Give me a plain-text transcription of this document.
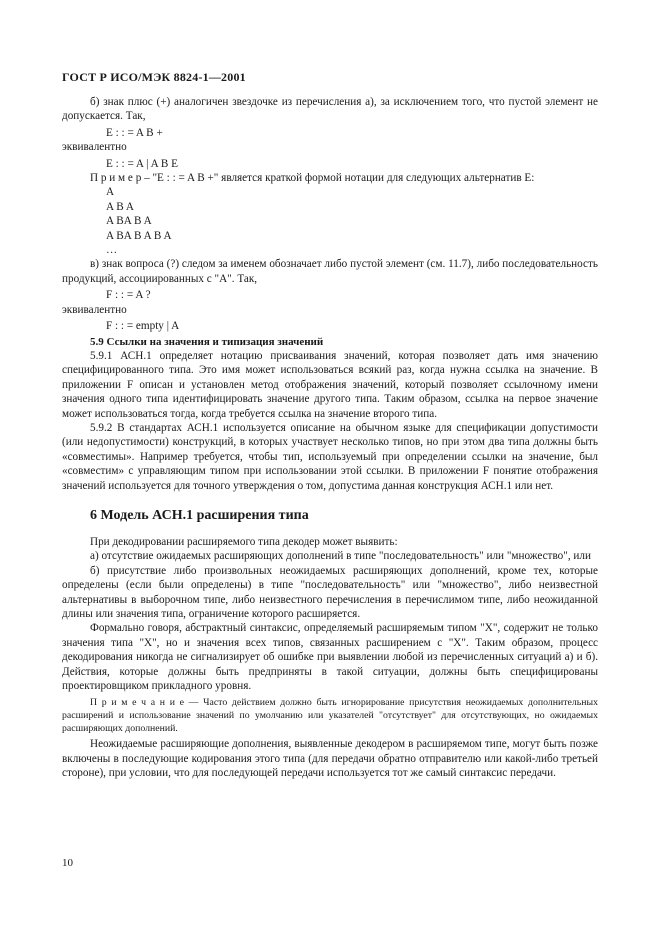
ГОСТ Р ИСО/МЭК 8824-1—2001

б) знак плюс (+) аналогичен звездочке из перечисления а), за исключением того, что пустой элемент не допускается. Так,

E : : = A B +

эквивалентно

E : : = A | A B E

П р и м е р – "E : : = A B +" является краткой формой нотации для следующих альтернатив E:

A

A B A

A BA B A

A BA B A B A

…

в) знак вопроса (?) следом за именем обозначает либо пустой элемент (см. 11.7), либо последовательность продукций, ассоциированных с "A". Так,

F : : = A ?

эквивалентно

F : : = empty | A

5.9 Ссылки на значения и типизация значений

5.9.1 АСН.1 определяет нотацию присваивания значений, которая позволяет дать имя значению специфицированного типа. Это имя может использоваться всякий раз, когда нужна ссылка на значение. В приложении F описан и установлен метод отображения значений, который позволяет ссылочному имени значения одного типа идентифицировать значение другого типа. Таким образом, ссылка на первое значение может использоваться тогда, когда требуется ссылка на значение второго типа.

5.9.2 В стандартах АСН.1 используется описание на обычном языке для спецификации допустимости (или недопустимости) конструкций, в которых участвует несколько типов, но при этом два типа должны быть «совместимы». Например требуется, чтобы тип, используемый при определении ссылки на значение, был «совместим» с управляющим типом при использовании этой ссылки. В приложении F понятие отображения значений используется для точного утверждения о том, допустима данная конструкция АСН.1 или нет.

6 Модель АСН.1 расширения типа

При декодировании расширяемого типа декодер может выявить:

а) отсутствие ожидаемых расширяющих дополнений в типе "последовательность" или "множество", или

б) присутствие либо произвольных неожидаемых расширяющих дополнений, кроме тех, которые определены (если были определены) в типе "последовательность" или "множество", либо неизвестной альтернативы в выборочном типе, либо неизвестного перечисления в перечислимом типе, либо неожиданной длины или значения типа, ограничение которого расширяется.

Формально говоря, абстрактный синтаксис, определяемый расширяемым типом "X", содержит не только значения типа "X", но и значения всех типов, связанных расширением с "X". Таким образом, процесс декодирования никогда не сигнализирует об ошибке при выявлении любой из перечисленных ситуаций а) и б). Действия, которые должны быть предприняты в такой ситуации, должны быть специфицированы проектировщиком прикладного уровня.

П р и м е ч а н и е — Часто действием должно быть игнорирование присутствия неожидаемых дополнительных расширений и использование значений по умолчанию или указателей "отсутствует" для отсутствующих, но ожидаемых расширяющих дополнений.

Неожидаемые расширяющие дополнения, выявленные декодером в расширяемом типе, могут быть позже включены в последующие кодирования этого типа (для передачи обратно отправителю или какой-либо третьей стороне), при условии, что для последующей передачи используется тот же самый синтаксис передачи.

10
